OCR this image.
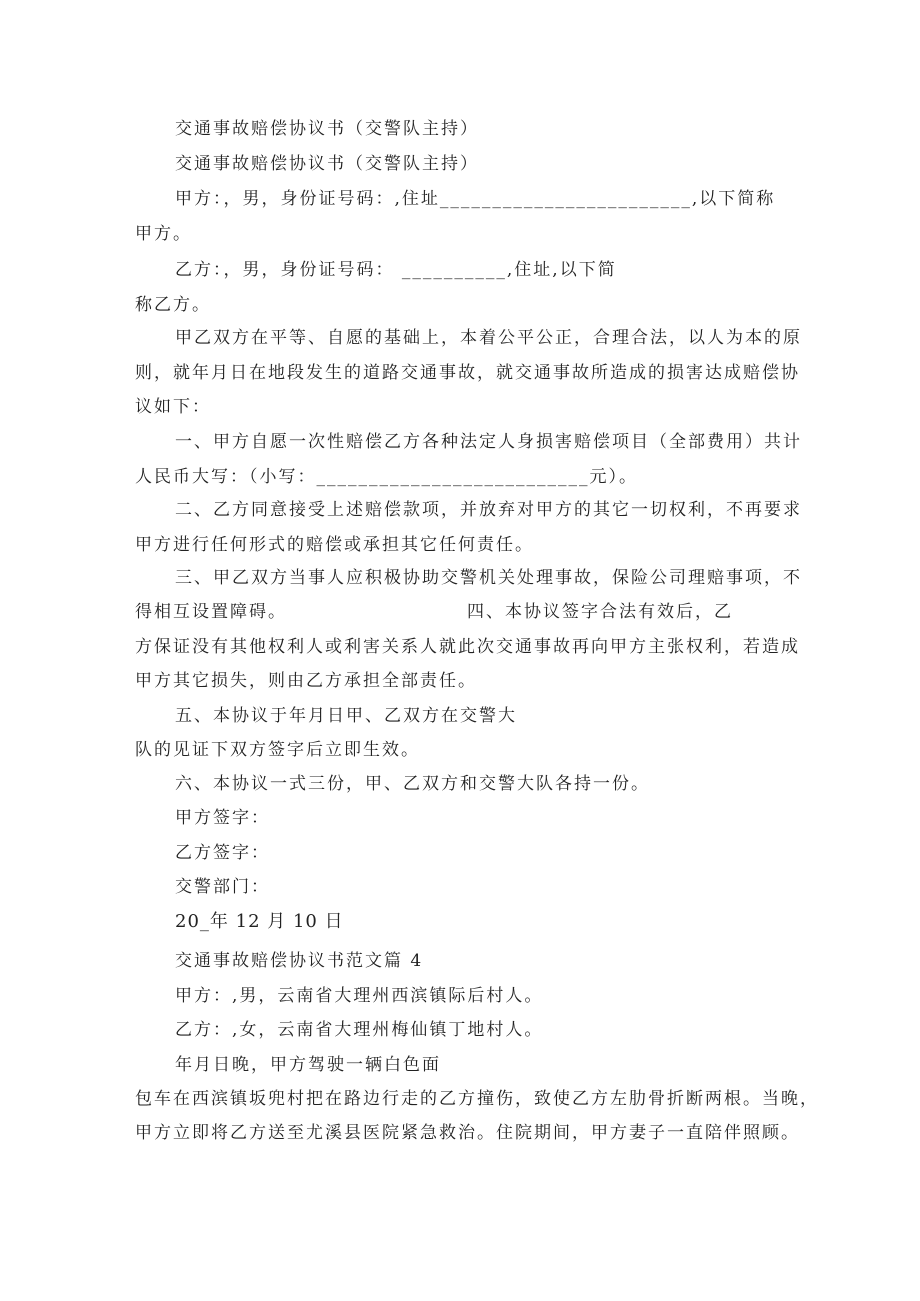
交通事故赔偿协议书（交警队主持）
交通事故赔偿协议书（交警队主持）
甲方：，男，身份证号码：,住址________________________,以下简称
甲方。
乙方：，男，身份证号码： __________,住址,以下简
称乙方。
甲乙双方在平等、自愿的基础上，本着公平公正，合理合法，以人为本的原
则，就年月日在地段发生的道路交通事故，就交通事故所造成的损害达成赔偿协
议如下：
一、甲方自愿一次性赔偿乙方各种法定人身损害赔偿项目（全部费用）共计
人民币大写：（小写：__________________________元）。
二、乙方同意接受上述赔偿款项，并放弃对甲方的其它一切权利，不再要求
甲方进行任何形式的赔偿或承担其它任何责任。
三、甲乙双方当事人应积极协助交警机关处理事故，保险公司理赔事项，不
得相互设置障碍。	四、本协议签字合法有效后，乙
方保证没有其他权利人或利害关系人就此次交通事故再向甲方主张权利，若造成
甲方其它损失，则由乙方承担全部责任。
五、本协议于年月日甲、乙双方在交警大
队的见证下双方签字后立即生效。
六、本协议一式三份，甲、乙双方和交警大队各持一份。
甲方签字：
乙方签字：
交警部门：
20_年 12 月 10 日
交通事故赔偿协议书范文篇 4
甲方：,男，云南省大理州西滨镇际后村人。
乙方：,女，云南省大理州梅仙镇丁地村人。
年月日晚，甲方驾驶一辆白色面
包车在西滨镇坂兜村把在路边行走的乙方撞伤，致使乙方左肋骨折断两根。当晚，
甲方立即将乙方送至尤溪县医院紧急救治。住院期间，甲方妻子一直陪伴照顾。
